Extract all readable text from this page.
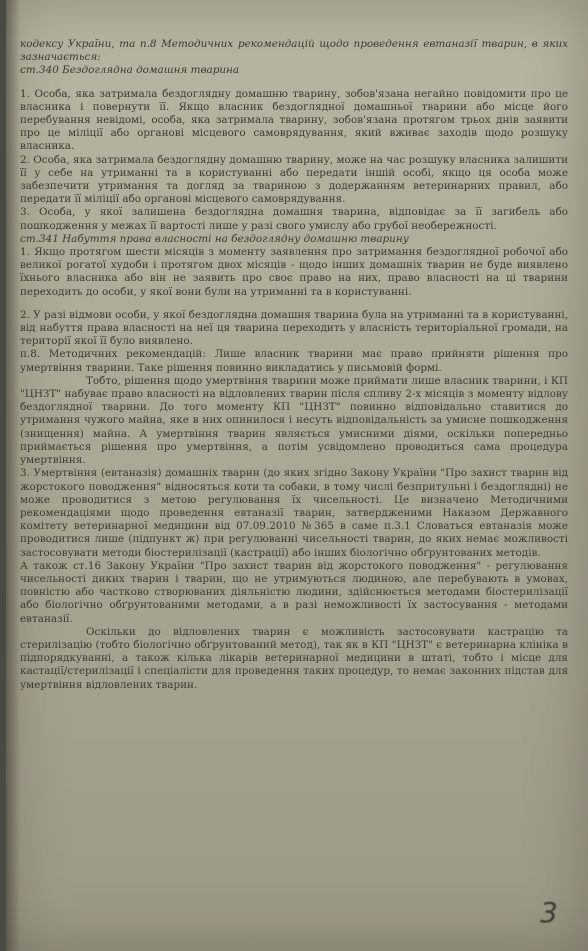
кодексу України, та п.8 Методичних рекомендацій щодо проведення евтаназії тварин, в яких зазначається:

ст.340 Бездоглядна домашня тварина

1. Особа, яка затримала бездоглядну домашню тварину, зобов'язана негайно повідомити про це власника і повернути її. Якщо власник бездоглядної домашньої тварини або місце його перебування невідомі, особа, яка затримала тварину, зобов'язана протягом трьох днів заявити про це міліції або органові місцевого самоврядування, який вживає заходів щодо розшуку власника.

2. Особа, яка затримала бездоглядну домашню тварину, може на час розшуку власника залишити її у себе на утриманні та в користуванні або передати іншій особі, якщо ця особа може забезпечити утримання та догляд за твариною з додержанням ветеринарних правил, або передати її міліції або органові місцевого самоврядування.

3. Особа, у якої залишена бездоглядна домашня тварина, відповідає за її загибель або пошкодження у межах її вартості лише у разі свого умислу або грубої необережності.

ст.341 Набуття права власності на бездоглядну домашню тварину

1. Якщо протягом шести місяців з моменту заявлення про затримання бездоглядної робочої або великої рогатої худоби і протягом двох місяців - щодо інших домашніх тварин не буде виявлено їхнього власника або він не заявить про своє право на них, право власності на ці тварини переходить до особи, у якої вони були на утриманні та в користуванні.

2. У разі відмови особи, у якої бездоглядна домашня тварина була на утриманні та в користуванні, від набуття права власності на неї ця тварина переходить у власність територіальної громади, на території якої її було виявлено.

п.8. Методичних рекомендацій: Лише власник тварини має право прийняти рішення про умертвіння тварини. Таке рішення повинно викладатись у письмовій формі.

Тобто, рішення щодо умертвіння тварини може приймати лише власник тварини, і КП "ЦНЗТ" набуває право власності на відловлених тварин після спливу 2-х місяців з моменту відлову бездоглядної тварини. До того моменту КП "ЦНЗТ" повинно відповідально ставитися до утримання чужого майна, яке в них опинилося і несуть відповідальність за умисне пошкодження (знищення) майна. А умертвіння тварин являється умисними діями, оскільки попередньо приймається рішення про умертвіння, а потім усвідомлено проводиться сама процедура умертвіння.

3. Умертвіння (евтаназія) домашніх тварин (до яких згідно Закону України "Про захист тварин від жорстокого поводження" відносяться коти та собаки, в тому числі безпритульні і бездоглядні) не може проводитися з метою регулювання їх чисельності. Це визначено Методичними рекомендаціями щодо проведення евтаназії тварин, затвердженими Наказом Державного комітету ветеринарної медицини від 07.09.2010 №365 в саме п.3.1 Словаться евтаназія може проводитися лише (підпункт ж) при регулюванні чисельності тварин, до яких немає можливості застосовувати методи біостерилізації (кастрації) або інших біологічно обґрунтованих методів.

А також ст.16 Закону України "Про захист тварин від жорстокого поводження" - регулювання чисельності диких тварин і тварин, що не утримуються людиною, але перебувають в умовах, повністю або частково створюваних діяльністю людини, здійснюється методами біостерилізації або біологічно обґрунтованими методами, а в разі неможливості їх застосування - методами евтаназії.

Оскільки до відловлених тварин є можливість застосовувати кастрацію та стерилізацію (тобто біологічно обґрунтований метод), так як в КП "ЦНЗТ" є ветеринарна клініка в підпорядкуванні, а також кілька лікарів ветеринарної медицини в штаті, тобто і місце для кастації/стерилізації і спеціалісти для проведення таких процедур, то немає законних підстав для умертвіння відловлених тварин.

3
